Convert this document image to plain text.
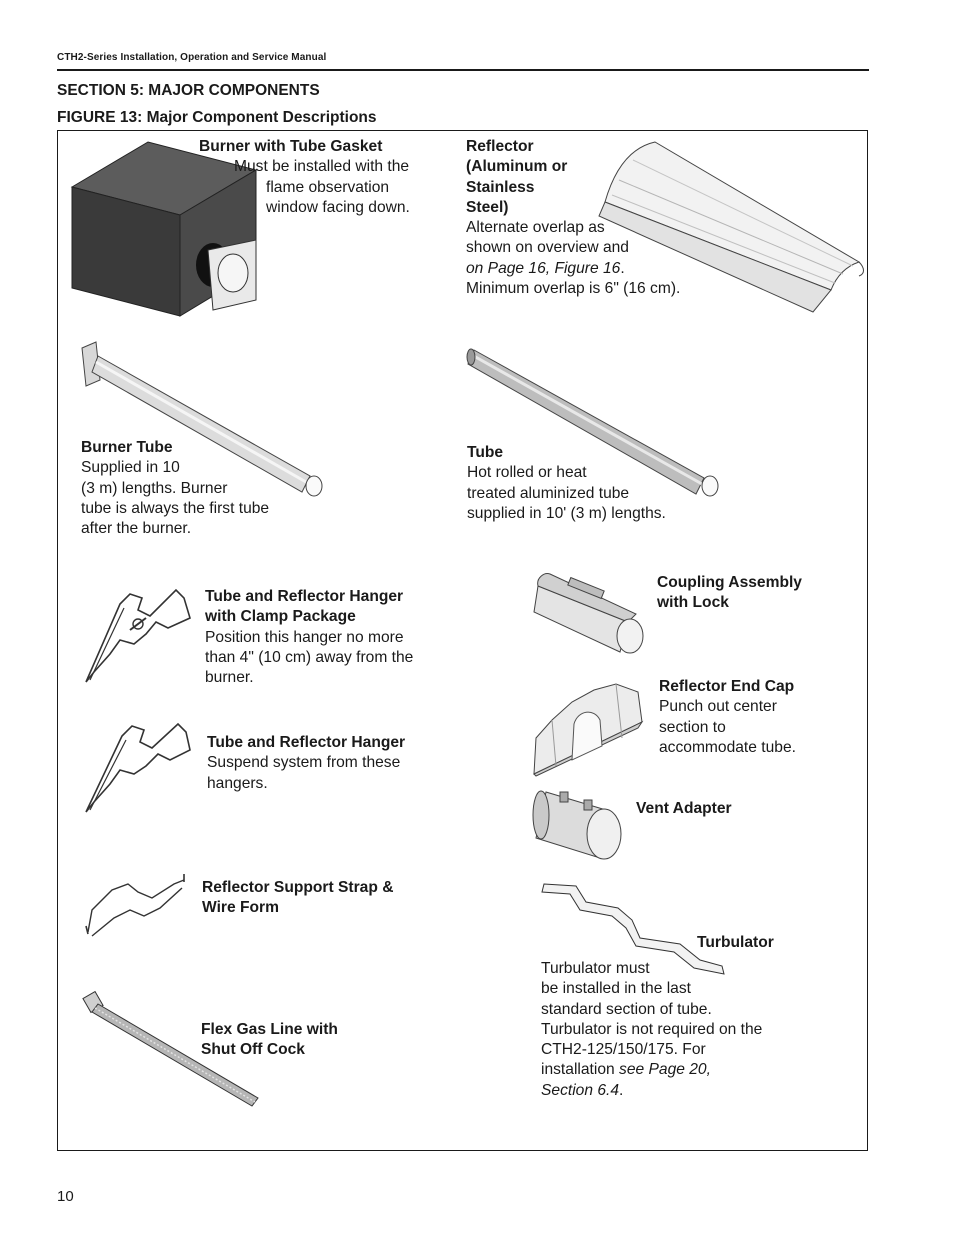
CTH2-Series Installation, Operation and Service Manual
SECTION 5: MAJOR COMPONENTS
FIGURE 13: Major Component Descriptions
Burner with Tube Gasket
Must be installed with the
flame observation
window facing down.
Reflector
(Aluminum or
Stainless
Steel)
Alternate overlap as
shown on overview and
on Page 16, Figure 16.
Minimum overlap is 6" (16 cm).
Burner Tube
Supplied in 10
(3 m) lengths. Burner
tube is always the first tube
after the burner.
Tube
Hot rolled or heat
treated aluminized tube
supplied in 10' (3 m) lengths.
Tube and Reflector Hanger
with Clamp Package
Position this hanger no more
than 4" (10 cm) away from the
burner.
Coupling Assembly
with Lock
Reflector End Cap
Punch out center
section to
accommodate tube.
Tube and Reflector Hanger
Suspend system from these
hangers.
Vent Adapter
Reflector Support Strap &
Wire Form
Turbulator
Turbulator must
be installed in the last
standard section of tube.
Turbulator is not required on the
CTH2-125/150/175. For
installation see Page 20,
Section 6.4.
Flex Gas Line with
Shut Off Cock
10
